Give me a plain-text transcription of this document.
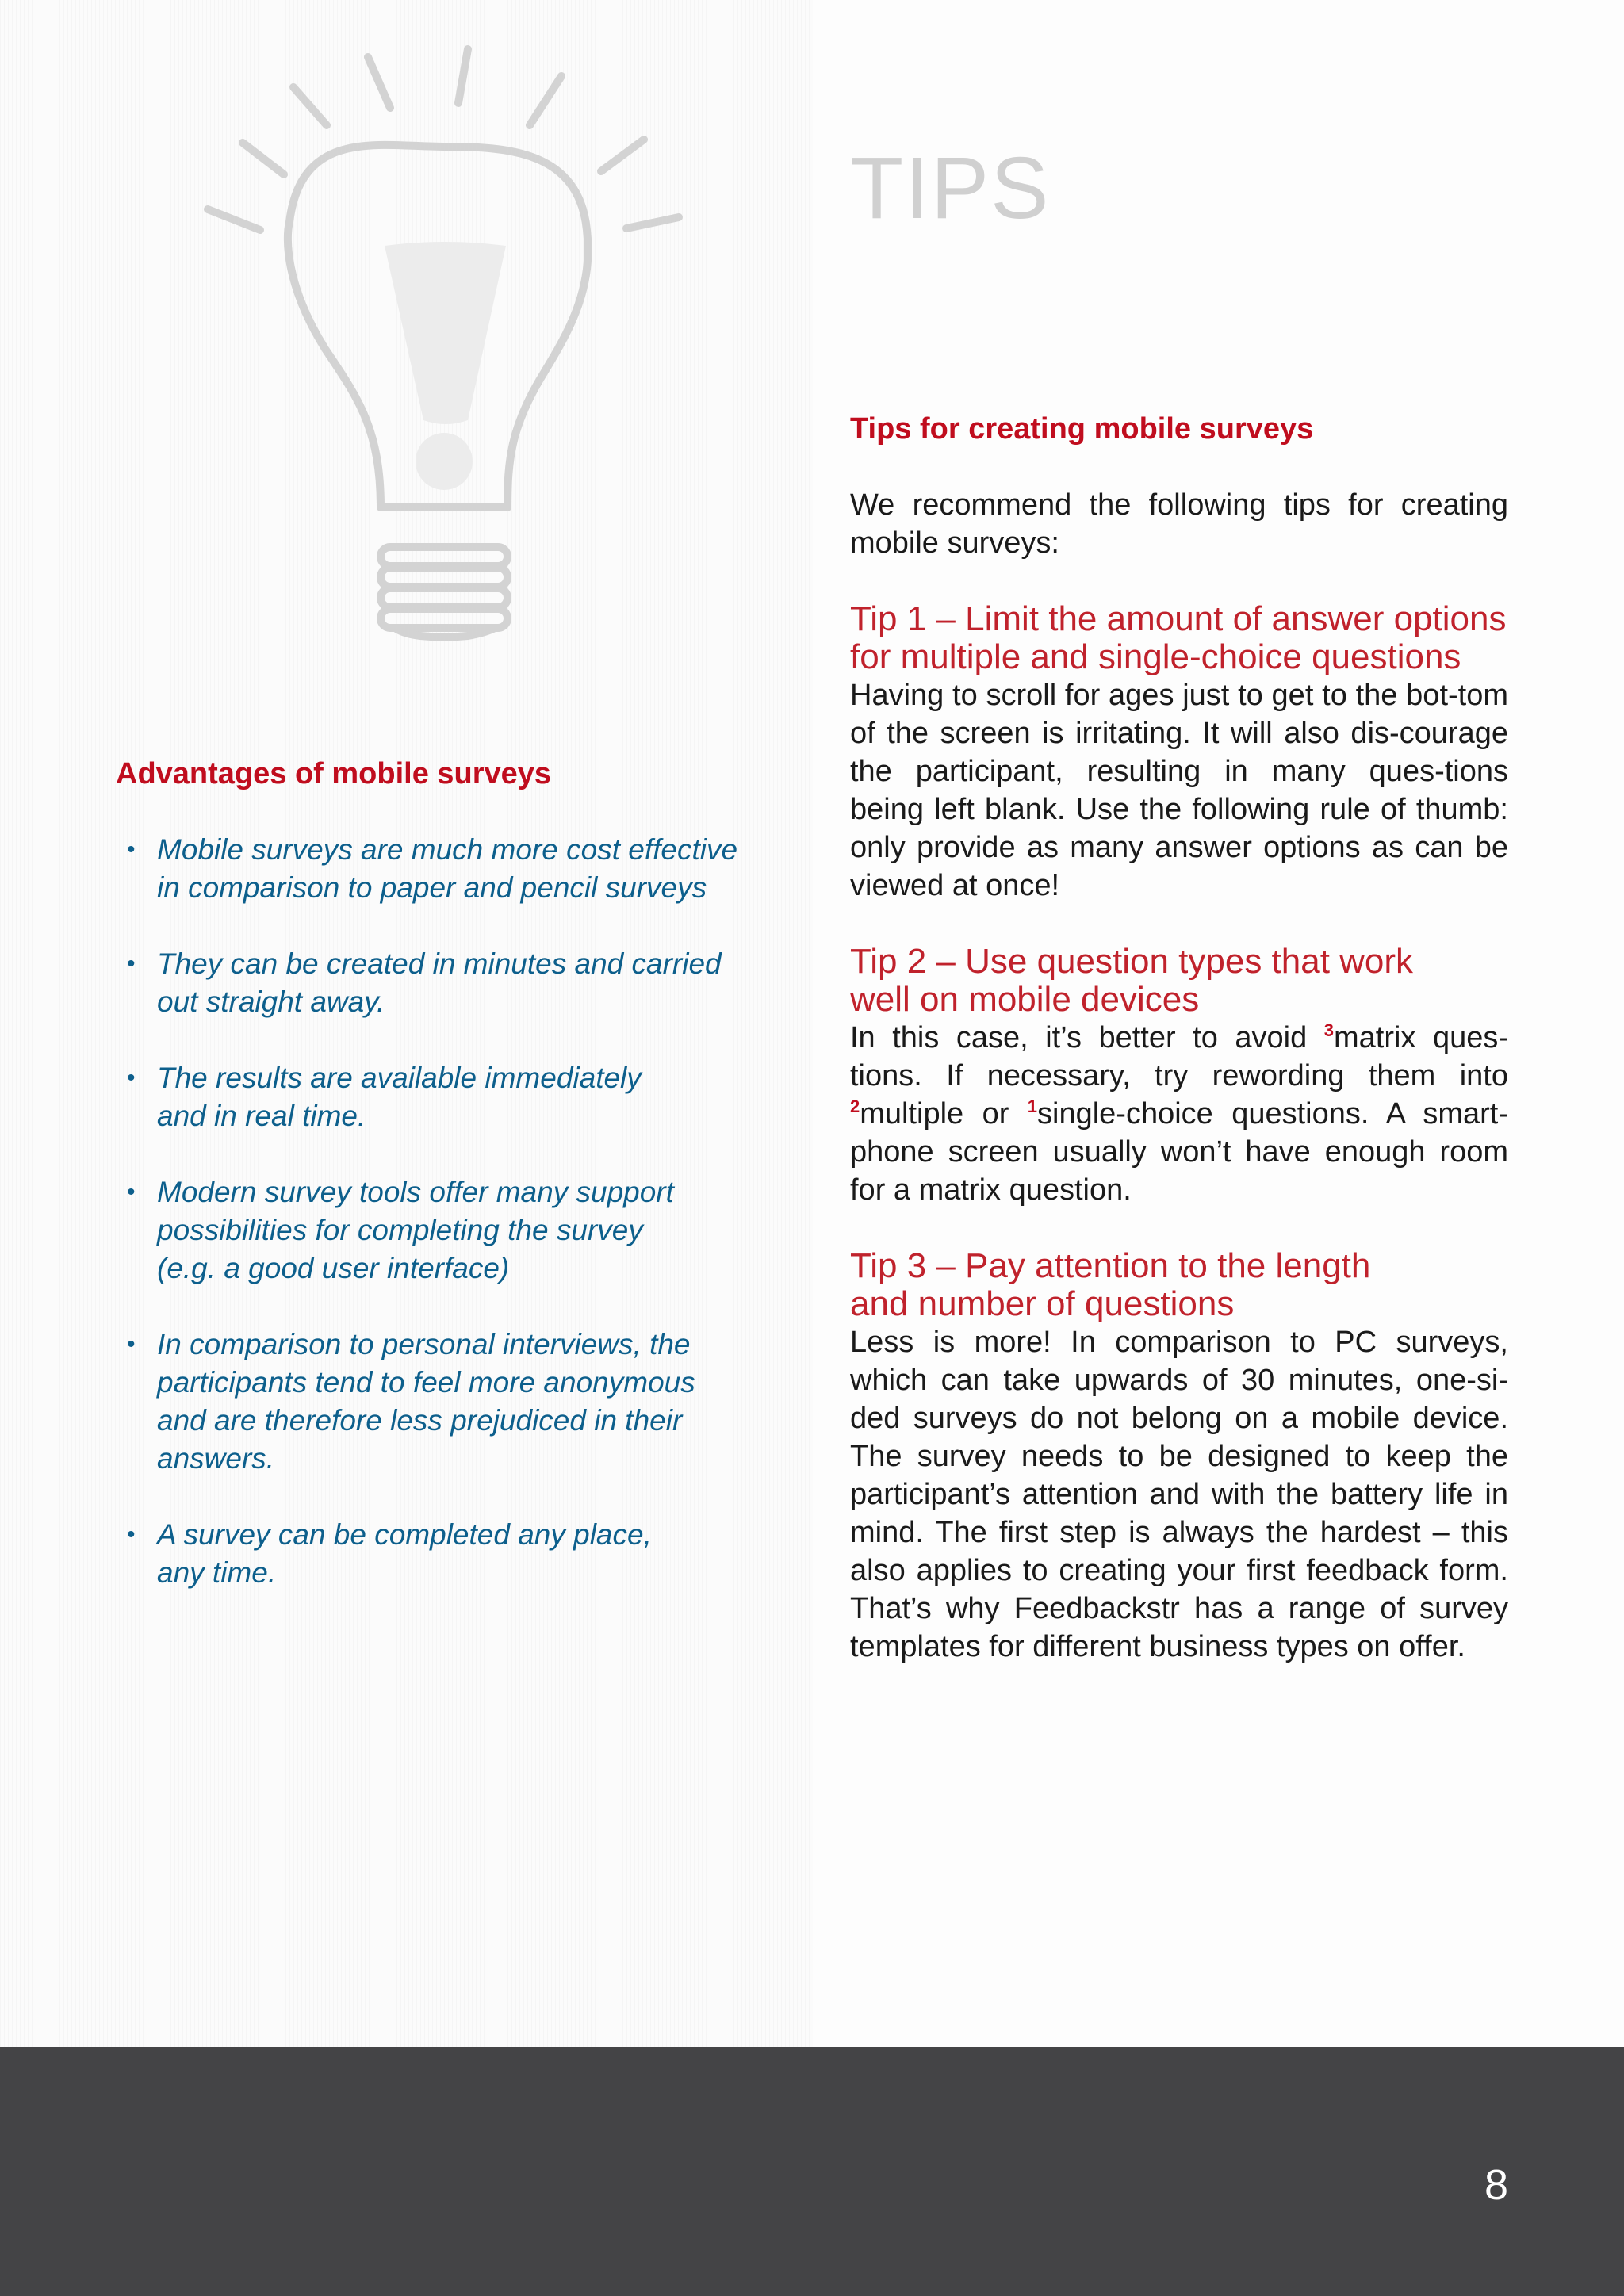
TIPS
Advantages of mobile surveys
• Mobile surveys are much more cost effective
in comparison to paper and pencil surveys
• They can be created in minutes and carried
out straight away.
• The results are available immediately
and in real time.
• Modern survey tools offer many support
possibilities for completing the survey
(e.g. a good user interface)
• In comparison to personal interviews, the
participants tend to feel more anonymous
and are therefore less prejudiced in their
answers.
• A survey can be completed any place,
any time.
Tips for creating mobile surveys

We recommend the following tips for creating mobile surveys:

Tip 1 – Limit the amount of answer options for multiple and single-choice questions

Having to scroll for ages just to get to the bot-tom of the screen is irritating. It will also dis-courage the participant, resulting in many ques-tions being left blank. Use the following rule of thumb: only provide as many answer options as can be viewed at once!

Tip 2 – Use question types that work
well on mobile devices

In this case, it’s better to avoid $^3$matrix ques-tions. If necessary, try rewording them into $^2$multiple or $^1$single-choice questions. A smart-phone screen usually won’t have enough room for a matrix question.

Tip 3 – Pay attention to the length
and number of questions

Less is more! In comparison to PC surveys, which can take upwards of 30 minutes, one-si-ded surveys do not belong on a mobile device. The survey needs to be designed to keep the participant’s attention and with the battery life in mind. The first step is always the hardest – this also applies to creating your first feedback form. That’s why Feedbackstr has a range of survey templates for different business types on offer.

8
